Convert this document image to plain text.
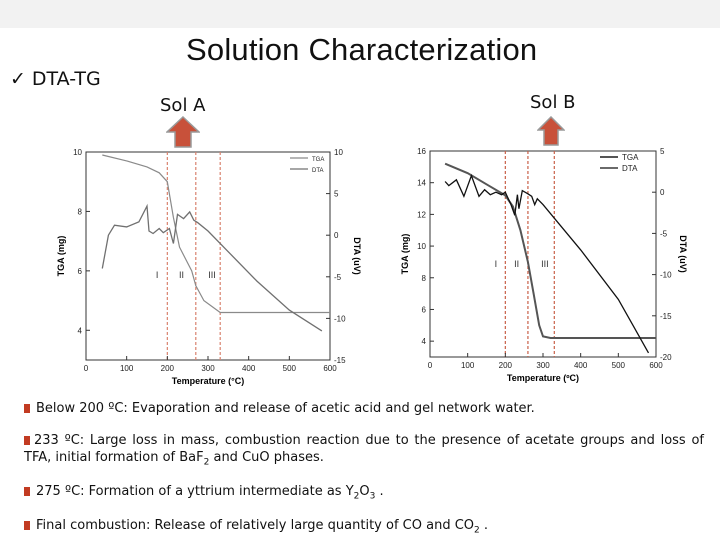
Solution Characterization
✓ DTA-TG
Sol A	Sol B
0	100	200	300	400	500	600
4
6
8
10	10
5
0
-5
-10
-15
Temperature (°C)
TGA (mg)	DTA (uV)
TGA
DTA
I II	III
0	100	200	300	400	500	600
4
6
8
10
12
14
16	5
0
-5
-10
-15
-20
Temperature (ºC)
TGA (mg)	DTA (uV)
TGA
DTA
I II III
Below 200 ºC: Evaporation and release of acetic acid and gel network water.
233 ºC: Large loss in mass, combustion reaction due to the presence of acetate groups and loss of TFA, initial formation of BaF$_2$ and CuO phases.
275 ºC: Formation of a yttrium intermediate as $Y_2O_3$ .
Final combustion: Release of relatively large quantity of CO and $CO_2$ .
